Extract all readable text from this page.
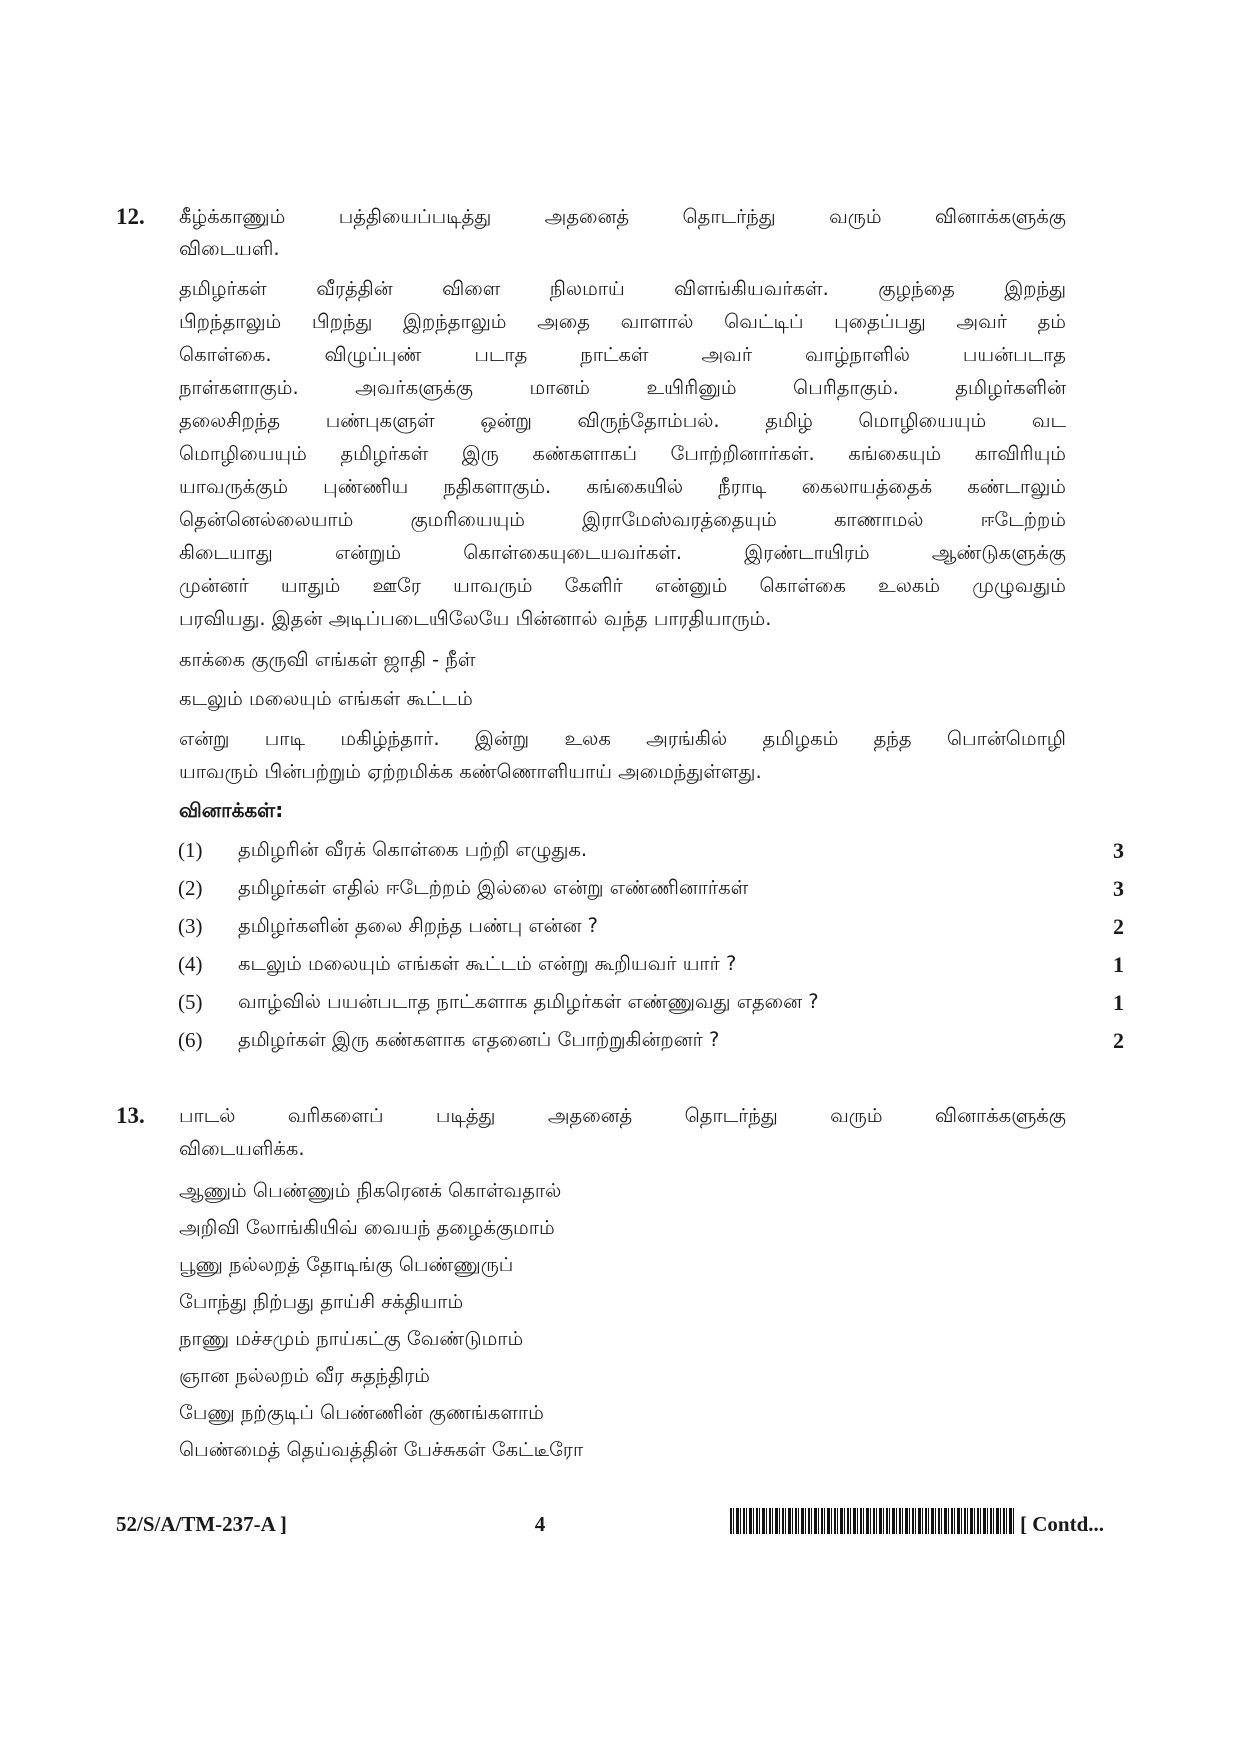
12. கீழ்க்காணும் பத்தியைப்படித்து அதனைத் தொடர்ந்து வரும் வினாக்களுக்கு
விடையளி.
தமிழர்கள் வீரத்தின் விளை நிலமாய் விளங்கியவர்கள். குழந்தை இறந்து
பிறந்தாலும் பிறந்து இறந்தாலும் அதை வாளால் வெட்டிப் புதைப்பது அவர் தம்
கொள்கை. விழுப்புண் படாத நாட்கள் அவர் வாழ்நாளில் பயன்படாத
நாள்களாகும். அவர்களுக்கு மானம் உயிரினும் பெரிதாகும். தமிழர்களின்
தலைசிறந்த பண்புகளுள் ஒன்று விருந்தோம்பல். தமிழ் மொழியையும் வட
மொழியையும் தமிழர்கள் இரு கண்களாகப் போற்றினார்கள். கங்கையும் காவிரியும்
யாவருக்கும் புண்ணிய நதிகளாகும். கங்கையில் நீராடி கைலாயத்தைக் கண்டாலும்
தென்னெல்லையாம் குமரியையும் இராமேஸ்வரத்தையும் காணாமல் ஈடேற்றம்
கிடையாது என்றும் கொள்கையுடையவர்கள். இரண்டாயிரம் ஆண்டுகளுக்கு
முன்னர் யாதும் ஊரே யாவரும் கேளிர் என்னும் கொள்கை உலகம் முழுவதும்
பரவியது. இதன் அடிப்படையிலேயே பின்னால் வந்த பாரதியாரும்.
காக்கை குருவி எங்கள் ஜாதி - நீள்
கடலும் மலையும் எங்கள் கூட்டம்
என்று பாடி மகிழ்ந்தார். இன்று உலக அரங்கில் தமிழகம் தந்த பொன்மொழி
யாவரும் பின்பற்றும் ஏற்றமிக்க கண்ணொளியாய் அமைந்துள்ளது.
வினாக்கள்:
(1) தமிழரின் வீரக் கொள்கை பற்றி எழுதுக.	3
(2) தமிழர்கள் எதில் ஈடேற்றம் இல்லை என்று எண்ணினார்கள்	3
(3) தமிழர்களின் தலை சிறந்த பண்பு என்ன ?	2
(4) கடலும் மலையும் எங்கள் கூட்டம் என்று கூறியவர் யார் ?	1
(5) வாழ்வில் பயன்படாத நாட்களாக தமிழர்கள் எண்ணுவது எதனை ?	1
(6) தமிழர்கள் இரு கண்களாக எதனைப் போற்றுகின்றனர் ?	2
13. பாடல் வரிகளைப் படித்து அதனைத் தொடர்ந்து வரும் வினாக்களுக்கு
விடையளிக்க.
ஆணும் பெண்ணும் நிகரெனக் கொள்வதால்
அறிவி லோங்கியிவ் வையந் தழைக்குமாம்
பூணு நல்லறத் தோடிங்கு பெண்ணுருப்
போந்து நிற்பது தாய்சி சக்தியாம்
நாணு மச்சமும் நாய்கட்கு வேண்டுமாம்
ஞான நல்லறம் வீர சுதந்திரம்
பேணு நற்குடிப் பெண்ணின் குணங்களாம்
பெண்மைத் தெய்வத்தின் பேச்சுகள் கேட்டீரோ
52/S/A/TM-237-A ]	4	[ Contd...
